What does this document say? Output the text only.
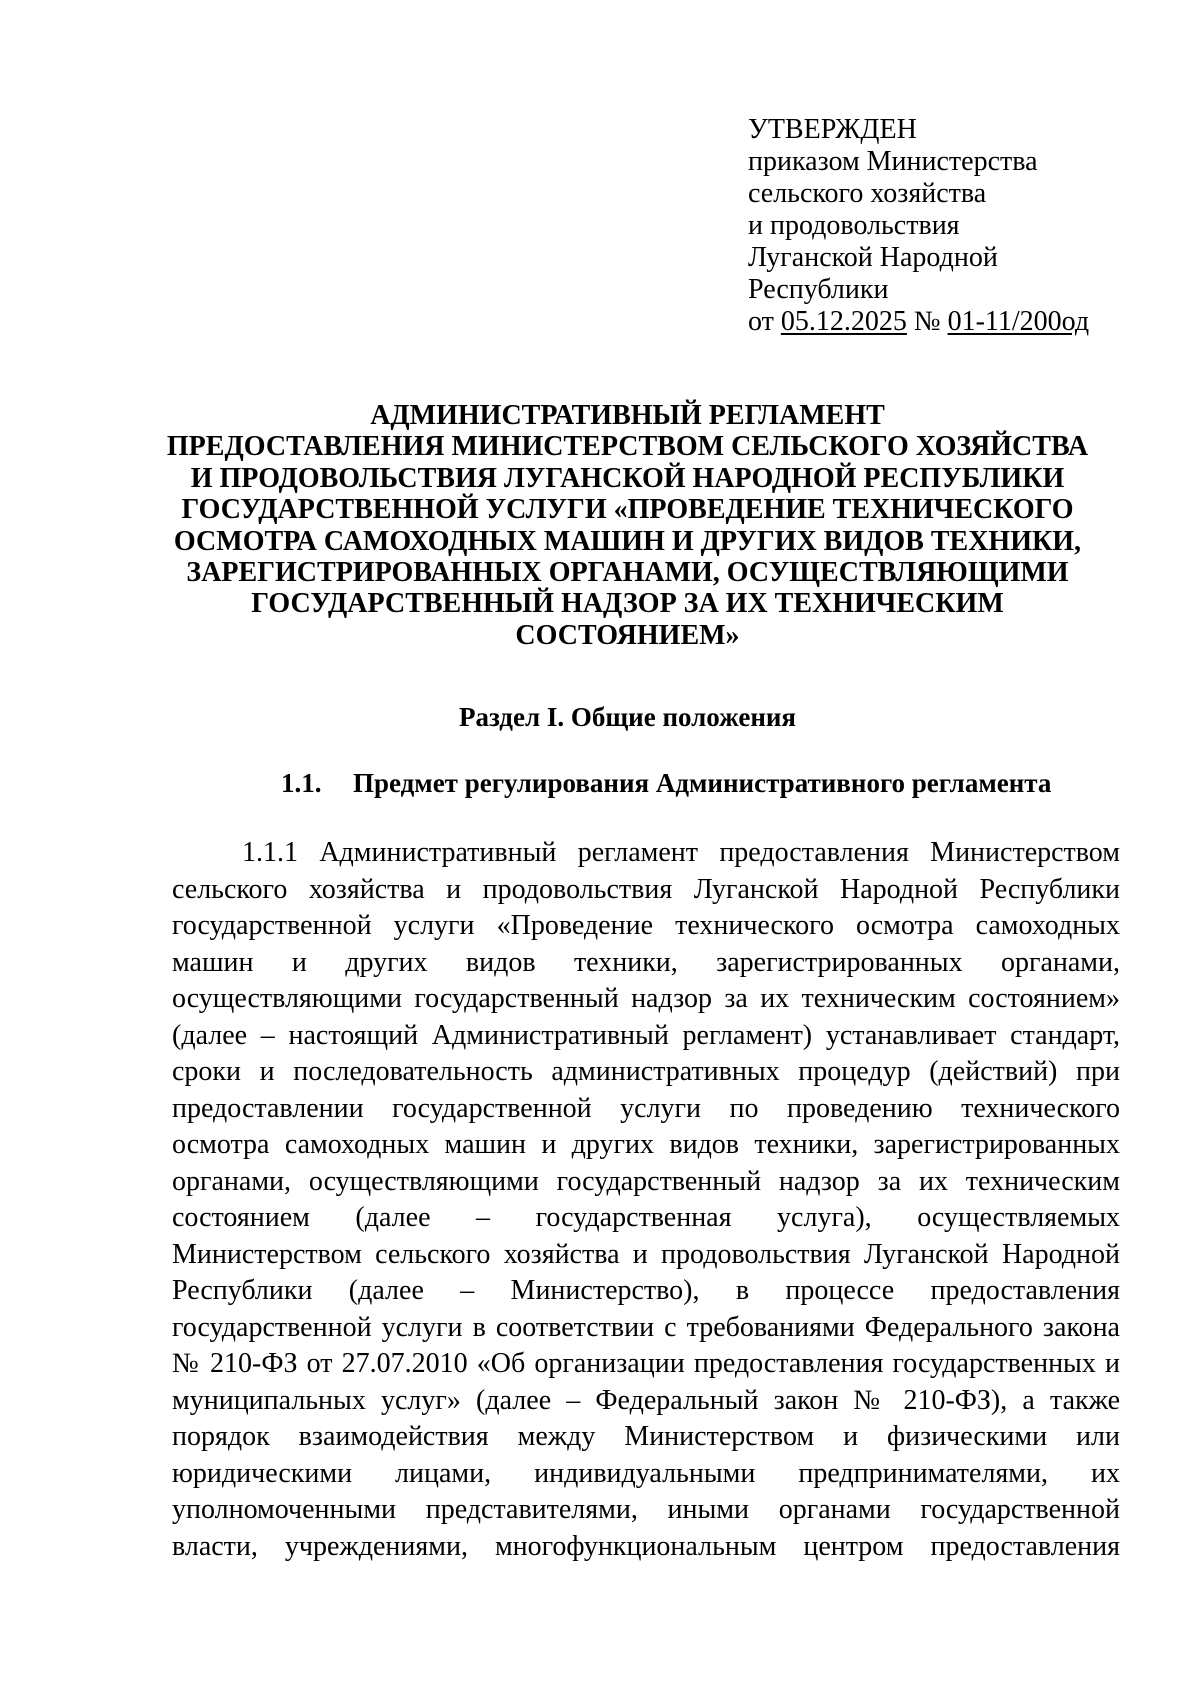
УТВЕРЖДЕН
приказом Министерства
сельского хозяйства
и продовольствия
Луганской Народной
Республики
от 05.12.2025 № 01-11/200од
АДМИНИСТРАТИВНЫЙ РЕГЛАМЕНТ
ПРЕДОСТАВЛЕНИЯ МИНИСТЕРСТВОМ СЕЛЬСКОГО ХОЗЯЙСТВА
И ПРОДОВОЛЬСТВИЯ ЛУГАНСКОЙ НАРОДНОЙ РЕСПУБЛИКИ
ГОСУДАРСТВЕННОЙ УСЛУГИ «ПРОВЕДЕНИЕ ТЕХНИЧЕСКОГО
ОСМОТРА САМОХОДНЫХ МАШИН И ДРУГИХ ВИДОВ ТЕХНИКИ,
ЗАРЕГИСТРИРОВАННЫХ ОРГАНАМИ, ОСУЩЕСТВЛЯЮЩИМИ
ГОСУДАРСТВЕННЫЙ НАДЗОР ЗА ИХ ТЕХНИЧЕСКИМ
СОСТОЯНИЕМ»
Раздел I. Общие положения
1.1. Предмет регулирования Административного регламента
1.1.1 Административный регламент предоставления Министерством
сельского хозяйства и продовольствия Луганской Народной Республики
государственной услуги «Проведение технического осмотра самоходных
машин и других видов техники, зарегистрированных органами,
осуществляющими государственный надзор за их техническим состоянием»
(далее – настоящий Административный регламент) устанавливает стандарт,
сроки и последовательность административных процедур (действий) при
предоставлении государственной услуги по проведению технического
осмотра самоходных машин и других видов техники, зарегистрированных
органами, осуществляющими государственный надзор за их техническим
состоянием (далее – государственная услуга), осуществляемых
Министерством сельского хозяйства и продовольствия Луганской Народной
Республики (далее – Министерство), в процессе предоставления
государственной услуги в соответствии с требованиями Федерального закона
№ 210-ФЗ от 27.07.2010 «Об организации предоставления государственных и
муниципальных услуг» (далее – Федеральный закон № 210-ФЗ), а также
порядок взаимодействия между Министерством и физическими или
юридическими лицами, индивидуальными предпринимателями, их
уполномоченными представителями, иными органами государственной
власти, учреждениями, многофункциональным центром предоставления
